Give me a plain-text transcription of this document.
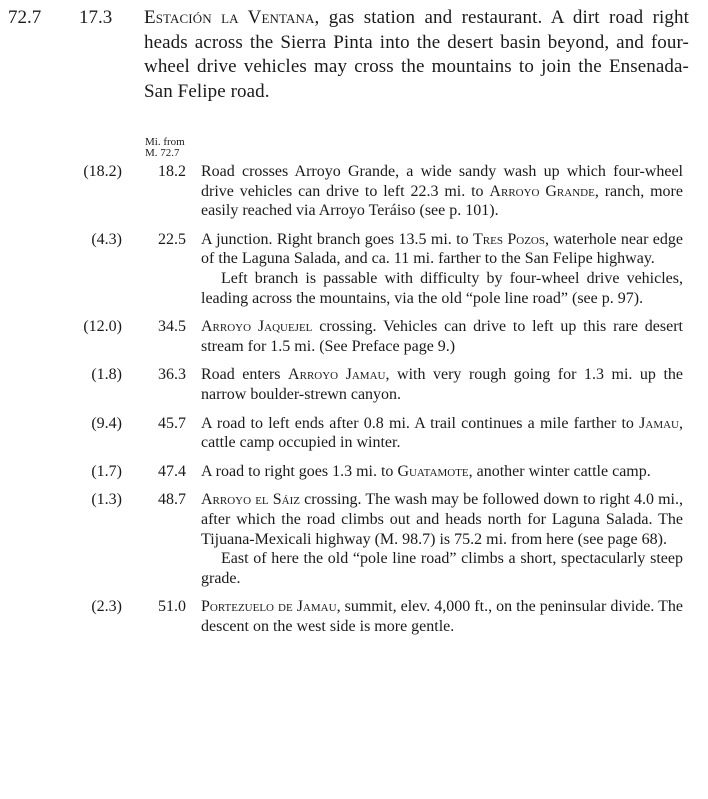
72.7 17.3 Estación la Ventana, gas station and restaurant. A dirt road right heads across the Sierra Pinta into the desert basin beyond, and four-wheel drive vehicles may cross the mountains to join the Ensenada-San Felipe road.
Mi. from
M. 72.7
(18.2)	18.2 Road crosses Arroyo Grande, a wide sandy wash up which four-wheel drive vehicles can drive to left 22.3 mi. to Arroyo Grande, ranch, more easily reached via Arroyo Teráiso (see p. 101).

(4.3)	22.5 A junction. Right branch goes 13.5 mi. to Tres Pozos, waterhole near edge of the Laguna Salada, and ca. 11 mi. farther to the San Felipe highway.

Left branch is passable with difficulty by four-wheel drive vehicles, leading across the mountains, via the old “pole line road” (see p. 97).

(12.0)	34.5 Arroyo Jaquejel crossing. Vehicles can drive to left up this rare desert stream for 1.5 mi. (See Preface page 9.)

(1.8)	36.3 Road enters Arroyo Jamau, with very rough going for 1.3 mi. up the narrow boulder-strewn canyon.

(9.4)	45.7 A road to left ends after 0.8 mi. A trail continues a mile farther to Jamau, cattle camp occupied in winter.

(1.7)	47.4 A road to right goes 1.3 mi. to Guatamote, another winter cattle camp.

(1.3)	48.7 Arroyo el Sáiz crossing. The wash may be followed down to right 4.0 mi., after which the road climbs out and heads north for Laguna Salada. The Tijuana-Mexicali highway (M. 98.7) is 75.2 mi. from here (see page 68).

East of here the old “pole line road” climbs a short, spectacularly steep grade.

(2.3)	51.0 Portezuelo de Jamau, summit, elev. 4,000 ft., on the peninsular divide. The descent on the west side is more gentle.
